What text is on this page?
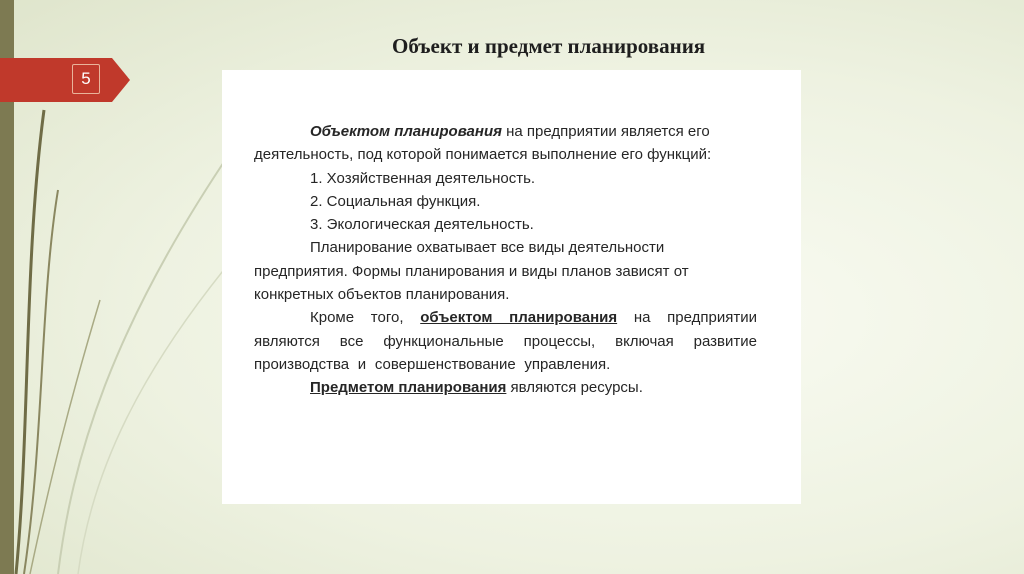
5
Объект и предмет планирования

Объектом планирования на предприятии является его деятельность, под которой понимается выполнение его функций:

1. Хозяйственная деятельность.

2. Социальная функция.

3. Экологическая деятельность.

Планирование охватывает все виды деятельности предприятия. Формы планирования и виды планов зависят от конкретных объектов планирования.

Кроме того, объектом планирования на предприятии являются все функциональные процессы, включая развитие производства и совершенствование управления.

Предметом планирования являются ресурсы.
